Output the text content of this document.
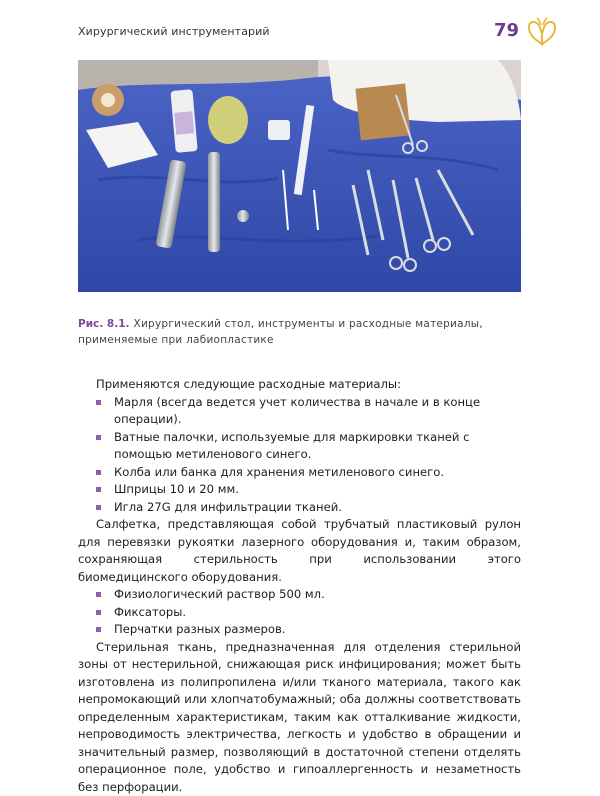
Хирургический инструментарий	79
Рис. 8.1. Хирургический стол, инструменты и расходные материалы, применяемые при лабиопластике

Применяются следующие расходные материалы:

Марля (всегда ведется учет количества в начале и в конце операции).
Ватные палочки, используемые для маркировки тканей с помощью метиленового синего.
Колба или банка для хранения метиленового синего.
Шприцы 10 и 20 мм.
Игла 27G для инфильтрации тканей.

Салфетка, представляющая собой трубчатый пластиковый рулон для перевязки рукоятки лазерного оборудования и, таким образом, сохраняющая стерильность при использовании этого биомедицинского оборудования.

Физиологический раствор 500 мл.
Фиксаторы.
Перчатки разных размеров.

Стерильная ткань, предназначенная для отделения стерильной зоны от нестерильной, снижающая риск инфицирования; может быть изготовлена из полипропилена и/или тканого материала, такого как непромокающий или хлопчатобумажный; оба должны соответствовать определенным характеристикам, таким как отталкивание жидкости, непроводимость электричества, легкость и удобство в обращении и значительный размер, позволяющий в достаточной степени отделять операционное поле, удобство и гипоаллергенность и незаметность без перфорации.
